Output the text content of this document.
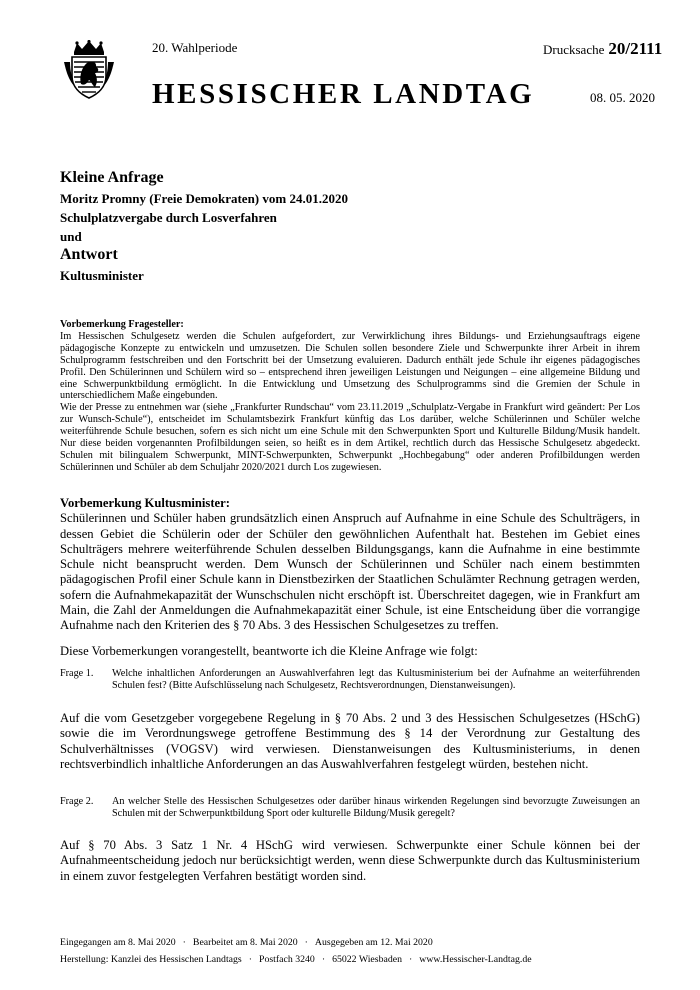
20. Wahlperiode
HESSISCHER LANDTAG
Drucksache 20/2111
08. 05. 2020
Kleine Anfrage
Moritz Promny (Freie Demokraten) vom 24.01.2020
Schulplatzvergabe durch Losverfahren
und
Antwort
Kultusminister

Vorbemerkung Fragesteller:

Im Hessischen Schulgesetz werden die Schulen aufgefordert, zur Verwirklichung ihres Bildungs- und Erziehungsauftrags eigene pädagogische Konzepte zu entwickeln und umzusetzen. Die Schulen sollen besondere Ziele und Schwerpunkte ihrer Arbeit in ihrem Schulprogramm festschreiben und den Fortschritt bei der Umsetzung evaluieren. Dadurch enthält jede Schule ihr eigenes pädagogisches Profil. Den Schülerinnen und Schülern wird so – entsprechend ihren jeweiligen Leistungen und Neigungen – eine allgemeine Bildung und eine Schwerpunktbildung ermöglicht. In die Entwicklung und Umsetzung des Schulprogramms sind die Gremien der Schule in unterschiedlichem Maße eingebunden.

Wie der Presse zu entnehmen war (siehe „Frankfurter Rundschau“ vom 23.11.2019 „Schulplatz-Vergabe in Frankfurt wird geändert: Per Los zur Wunsch-Schule“), entscheidet im Schulamtsbezirk Frankfurt künftig das Los darüber, welche Schülerinnen und Schüler welche weiterführende Schule besuchen, sofern es sich nicht um eine Schule mit den Schwerpunkten Sport und Kulturelle Bildung/Musik handelt. Nur diese beiden vorgenannten Profilbildungen seien, so heißt es in dem Artikel, rechtlich durch das Hessische Schulgesetz abgedeckt. Schulen mit bilingualem Schwerpunkt, MINT-Schwerpunkten, Schwerpunkt „Hochbegabung“ oder anderen Profilbildungen werden Schülerinnen und Schüler ab dem Schuljahr 2020/2021 durch Los zugewiesen.

Vorbemerkung Kultusminister:

Schülerinnen und Schüler haben grundsätzlich einen Anspruch auf Aufnahme in eine Schule des Schulträgers, in dessen Gebiet die Schülerin oder der Schüler den gewöhnlichen Aufenthalt hat. Bestehen im Gebiet eines Schulträgers mehrere weiterführende Schulen desselben Bildungsgangs, kann die Aufnahme in eine bestimmte Schule nicht beansprucht werden. Dem Wunsch der Schülerinnen und Schüler nach einem bestimmten pädagogischen Profil einer Schule kann in Dienstbezirken der Staatlichen Schulämter Rechnung getragen werden, sofern die Aufnahmekapazität der Wunschschulen nicht erschöpft ist. Überschreitet dagegen, wie in Frankfurt am Main, die Zahl der Anmeldungen die Aufnahmekapazität einer Schule, ist eine Entscheidung über die vorrangige Aufnahme nach den Kriterien des § 70 Abs. 3 des Hessischen Schulgesetzes zu treffen.

Diese Vorbemerkungen vorangestellt, beantworte ich die Kleine Anfrage wie folgt:

Frage 1. Welche inhaltlichen Anforderungen an Auswahlverfahren legt das Kultusministerium bei der Aufnahme an weiterführenden Schulen fest? (Bitte Aufschlüsselung nach Schulgesetz, Rechtsverordnungen, Dienstanweisungen).
Auf die vom Gesetzgeber vorgegebene Regelung in § 70 Abs. 2 und 3 des Hessischen Schulgesetzes (HSchG) sowie die im Verordnungswege getroffene Bestimmung des § 14 der Verordnung zur Gestaltung des Schulverhältnisses (VOGSV) wird verwiesen. Dienstanweisungen des Kultusministeriums, in denen rechtsverbindlich inhaltliche Anforderungen an das Auswahlverfahren festgelegt würden, bestehen nicht.
Frage 2. An welcher Stelle des Hessischen Schulgesetzes oder darüber hinaus wirkenden Regelungen sind bevorzugte Zuweisungen an Schulen mit der Schwerpunktbildung Sport oder kulturelle Bildung/Musik geregelt?
Auf § 70 Abs. 3 Satz 1 Nr. 4 HSchG wird verwiesen. Schwerpunkte einer Schule können bei der Aufnahmeentscheidung jedoch nur berücksichtigt werden, wenn diese Schwerpunkte durch das Kultusministerium in einem zuvor festgelegten Verfahren bestätigt worden sind.
Eingegangen am 8. Mai 2020 · Bearbeitet am 8. Mai 2020 · Ausgegeben am 12. Mai 2020
Herstellung: Kanzlei des Hessischen Landtags · Postfach 3240 · 65022 Wiesbaden · www.Hessischer-Landtag.de
